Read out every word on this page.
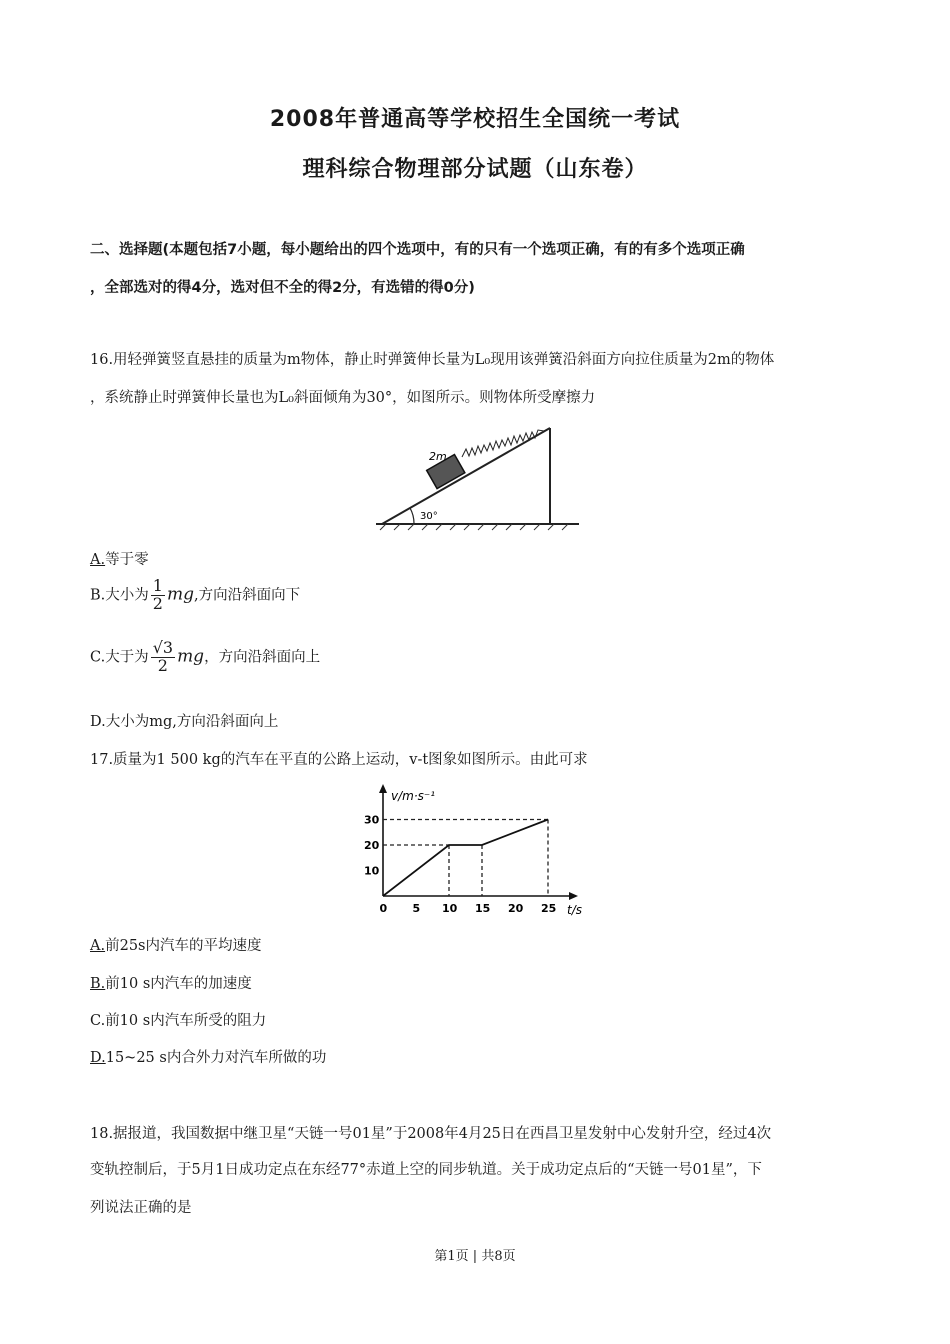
2008年普通高等学校招生全国统一考试
理科综合物理部分试题（山东卷）
二、选择题(本题包括7小题，每小题给出的四个选项中，有的只有一个选项正确，有的有多个选项正确
，全部选对的得4分，选对但不全的得2分，有选错的得0分)
16.用轻弹簧竖直悬挂的质量为m物体，静止时弹簧伸长量为L₀现用该弹簧沿斜面方向拉住质量为2m的物体
，系统静止时弹簧伸长量也为L₀斜面倾角为30°，如图所示。则物体所受摩擦力
30°
2m
A.等于零
B.大小为 $\frac{1}{2}$ mg,方向沿斜面向下
C.大于为 $\frac{√3}{2}$ mg，方向沿斜面向上
D.大小为mg,方向沿斜面向上
17.质量为1 500 kg的汽车在平直的公路上运动，v-t图象如图所示。由此可求
v/m·s⁻¹
t/s
0 5 10 15 20 25
10
20
30
A.前25s内汽车的平均速度
B.前10 s内汽车的加速度
C.前10 s内汽车所受的阻力
D.15~25 s内合外力对汽车所做的功
18.据报道，我国数据中继卫星“天链一号01星”于2008年4月25日在西昌卫星发射中心发射升空，经过4次
变轨控制后，于5月1日成功定点在东经77°赤道上空的同步轨道。关于成功定点后的“天链一号01星”，下
列说法正确的是
第1页 | 共8页
